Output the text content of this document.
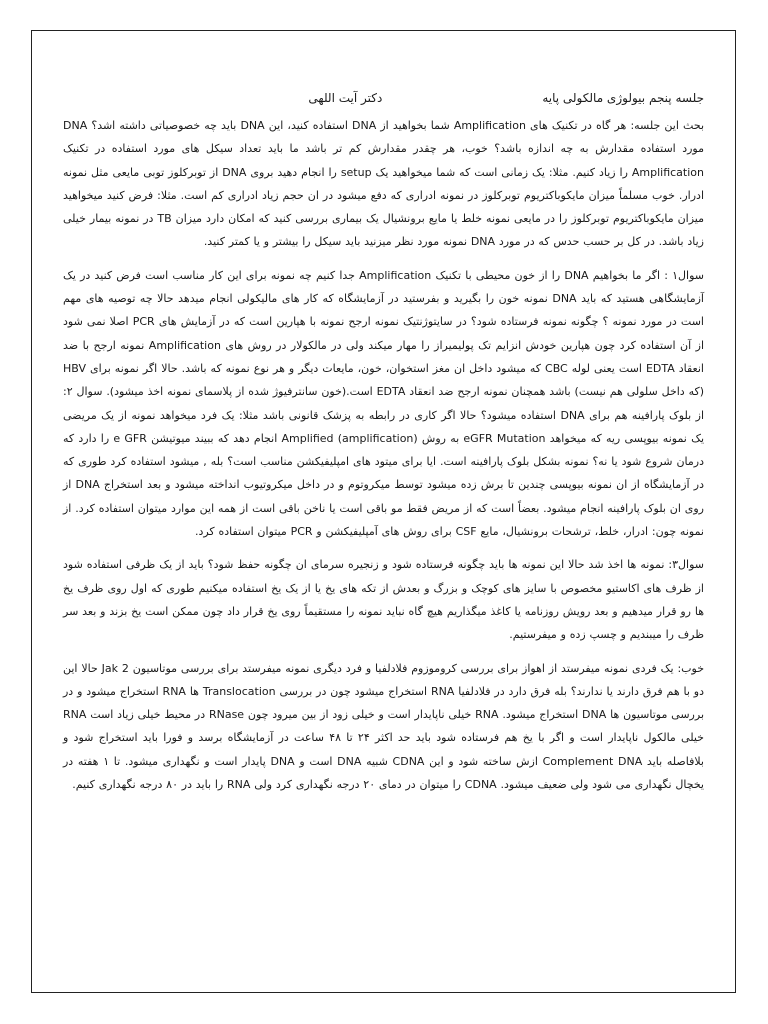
جلسه پنجم بیولوژی مالکولی پایه
دکتر آیت اللهی

بحث این جلسه: هر گاه در تکنیک های Amplification شما بخواهید از DNA استفاده کنید، این DNA باید چه خصوصیاتی داشته اشد؟ DNA مورد استفاده مقدارش به چه اندازه باشد؟ خوب، هر چقدر مقدارش کم تر باشد ما باید تعداد سیکل های مورد استفاده در تکنیک Amplification را زیاد کنیم. مثلا: یک زمانی است که شما میخواهید یک setup را انجام دهید بروی DNA از توبرکلوز توبی مایعی مثل نمونه ادرار. خوب مسلماً میزان مایکوباکتریوم توبرکلوز در نمونه ادراری که دفع میشود در ان حجم زیاد ادراری کم است. مثلا: فرض کنید میخواهید میزان مایکوباکتریوم توبرکلوز را در مایعی نمونه خلط یا مایع برونشیال یک بیماری بررسی کنید که امکان دارد میزان TB در نمونه بیمار خیلی زیاد باشد. در کل بر حسب حدس که در مورد DNA نمونه مورد نظر میزنید باید سیکل را بیشتر و یا کمتر کنید.

سوال۱ : اگر ما بخواهیم DNA را از خون محیطی با تکنیک Amplification جدا کنیم چه نمونه برای این کار مناسب است فرض کنید در یک آزمایشگاهی هستید که باید DNA نمونه خون را بگیرید و بفرستید در آزمایشگاه که کار های مالیکولی انجام میدهد حالا چه توصیه های مهم است در مورد نمونه ؟ چگونه نمونه فرستاده شود؟ در سایتوژنتیک نمونه ارجح نمونه با هپارین است که در آزمایش های PCR اصلا نمی شود از آن استفاده کرد چون هپارین خودش انزایم تک پولیمیراز را مهار میکند ولی در مالکولار در روش های Amplification نمونه ارجح با ضد انعقاد EDTA است یعنی لوله CBC که میشود داخل ان مغز استخوان، خون، مایعات دیگر و هر نوع نمونه که باشد. حالا اگر نمونه برای HBV (که داخل سلولی هم نیست) باشد همچنان نمونه ارجح ضد انعقاد EDTA است.(خون سانترفیوژ شده از پلاسمای نمونه اخذ میشود). سوال ۲: از بلوک پارافینه هم برای DNA استفاده میشود؟ حالا اگر کاری در رابطه به پزشک قانونی باشد مثلا: یک فرد میخواهد نمونه از یک مریضی یک نمونه بیوپسی ریه که میخواهد eGFR Mutation به روش Amplified (amplification) انجام دهد که ببیند میوتیشن e GFR را دارد که درمان شروع شود یا نه؟ نمونه بشکل بلوک پارافینه است. ایا برای میتود های امپلیفیکشن مناسب است؟ بله , میشود استفاده کرد طوری که در آزمایشگاه از ان نمونه بیوپسی چندین تا برش زده میشود توسط میکروتوم و در داخل میکروتیوب انداخته میشود و بعد استخراج DNA از روی ان بلوک پارافینه انجام میشود. بعضاً است که از مریض فقط مو باقی است یا ناخن باقی است از همه این موارد میتوان استفاده کرد. از نمونه چون: ادرار، خلط، ترشحات برونشیال، مایع CSF برای روش های آمپلیفیکشن و PCR میتوان استفاده کرد.

سوال۳: نمونه ها اخذ شد حالا این نمونه ها باید چگونه فرستاده شود و زنجیره سرمای ان چگونه حفظ شود؟ باید از یک ظرفی استفاده شود از ظرف های اکاستیو مخصوص با سایز های کوچک و بزرگ و بعدش از تکه های یخ یا از یک یخ استفاده میکنیم طوری که اول روی ظرف یخ ها رو قرار میدهیم و بعد رویش روزنامه یا کاغذ میگذاریم هیچ گاه نباید نمونه را مستقیماً روی یخ قرار داد چون ممکن است یخ بزند و بعد سر ظرف را میبندیم و چسپ زده و میفرستیم.

خوب: یک فردی نمونه میفرستد از اهواز برای بررسی کروموزوم فلادلفیا و فرد دیگری نمونه میفرستد برای بررسی موتاسیون Jak 2 حالا این دو با هم فرق دارند یا ندارند؟ بله فرق دارد در فلادلفیا RNA استخراج میشود چون در بررسی Translocation ها RNA استخراج میشود و در بررسی موتاسیون ها DNA استخراج میشود. RNA خیلی ناپایدار است و خیلی زود از بین میرود چون RNase در محیط خیلی زیاد است RNA خیلی مالکول ناپایدار است و اگر با یخ هم فرستاده شود باید حد اکثر ۲۴ تا ۴۸ ساعت در آزمایشگاه برسد و فورا باید استخراج شود و بلافاصله باید Complement DNA ازش ساخته شود و این CDNA شبیه DNA است و DNA پایدار است و نگهداری میشود. تا ۱ هفته در یخچال نگهداری می شود ولی ضعیف میشود. CDNA را میتوان در دمای ۲۰ درجه نگهداری کرد ولی RNA را باید در ۸۰ درجه نگهداری کنیم.
